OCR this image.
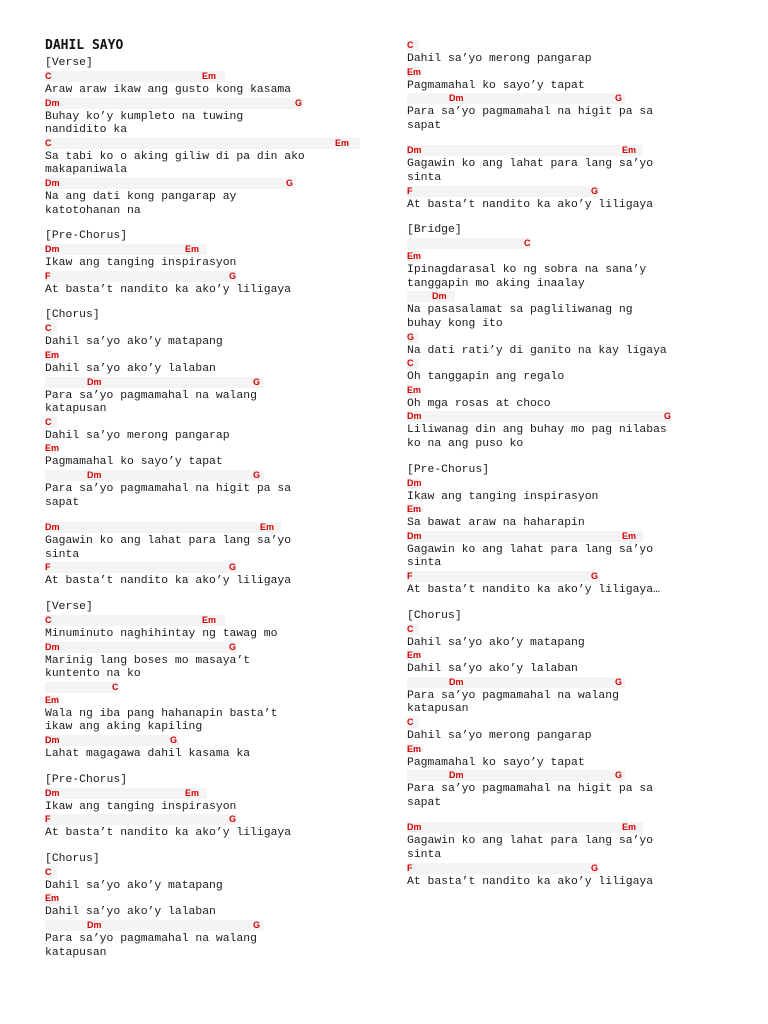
DAHIL SAYO
[Verse]
C	Em
Araw araw ikaw ang gusto kong kasama
Dm	G
Buhay ko’y kumpleto na tuwing
nandidito ka
C	Em
Sa tabi ko o aking giliw di pa din ako
makapaniwala
Dm	G
Na ang dati kong pangarap ay
katotohanan na
[Pre-Chorus]
Dm	Em
Ikaw ang tanging inspirasyon
F	G
At basta’t nandito ka ako’y liligaya
[Chorus]
C
Dahil sa’yo ako’y matapang
Em
Dahil sa’yo ako’y lalaban
Dm	G
Para sa’yo pagmamahal na walang
katapusan
C
Dahil sa’yo merong pangarap
Em
Pagmamahal ko sayo’y tapat
Dm	G
Para sa’yo pagmamahal na higit pa sa
sapat
Dm	Em
Gagawin ko ang lahat para lang sa’yo
sinta
F	G
At basta’t nandito ka ako’y liligaya
[Verse]
C	Em
Minuminuto naghihintay ng tawag mo
Dm	G
Marinig lang boses mo masaya’t
kuntento na ko
C
Em
Wala ng iba pang hahanapin basta’t
ikaw ang aking kapiling
Dm	G
Lahat magagawa dahil kasama ka
[Pre-Chorus]
Dm	Em
Ikaw ang tanging inspirasyon
F	G
At basta’t nandito ka ako’y liligaya
[Chorus]
C
Dahil sa’yo ako’y matapang
Em
Dahil sa’yo ako’y lalaban
Dm	G
Para sa’yo pagmamahal na walang
katapusan
C
Dahil sa’yo merong pangarap
Em
Pagmamahal ko sayo’y tapat
Dm	G
Para sa’yo pagmamahal na higit pa sa
sapat
Dm	Em
Gagawin ko ang lahat para lang sa’yo
sinta
F	G
At basta’t nandito ka ako’y liligaya
[Bridge]
C
Em
Ipinagdarasal ko ng sobra na sana’y
tanggapin mo aking inaalay
Dm
Na pasasalamat sa pagliliwanag ng
buhay kong ito
G
Na dati rati’y di ganito na kay ligaya
C
Oh tanggapin ang regalo
Em
Oh mga rosas at choco
Dm	G
Liliwanag din ang buhay mo pag nilabas
ko na ang puso ko
[Pre-Chorus]
Dm
Ikaw ang tanging inspirasyon
Em
Sa bawat araw na haharapin
Dm	Em
Gagawin ko ang lahat para lang sa’yo
sinta
F	G
At basta’t nandito ka ako’y liligaya…
[Chorus]
C
Dahil sa’yo ako’y matapang
Em
Dahil sa’yo ako’y lalaban
Dm	G
Para sa’yo pagmamahal na walang
katapusan
C
Dahil sa’yo merong pangarap
Em
Pagmamahal ko sayo’y tapat
Dm	G
Para sa’yo pagmamahal na higit pa sa
sapat
Dm	Em
Gagawin ko ang lahat para lang sa’yo
sinta
F	G
At basta’t nandito ka ako’y liligaya
